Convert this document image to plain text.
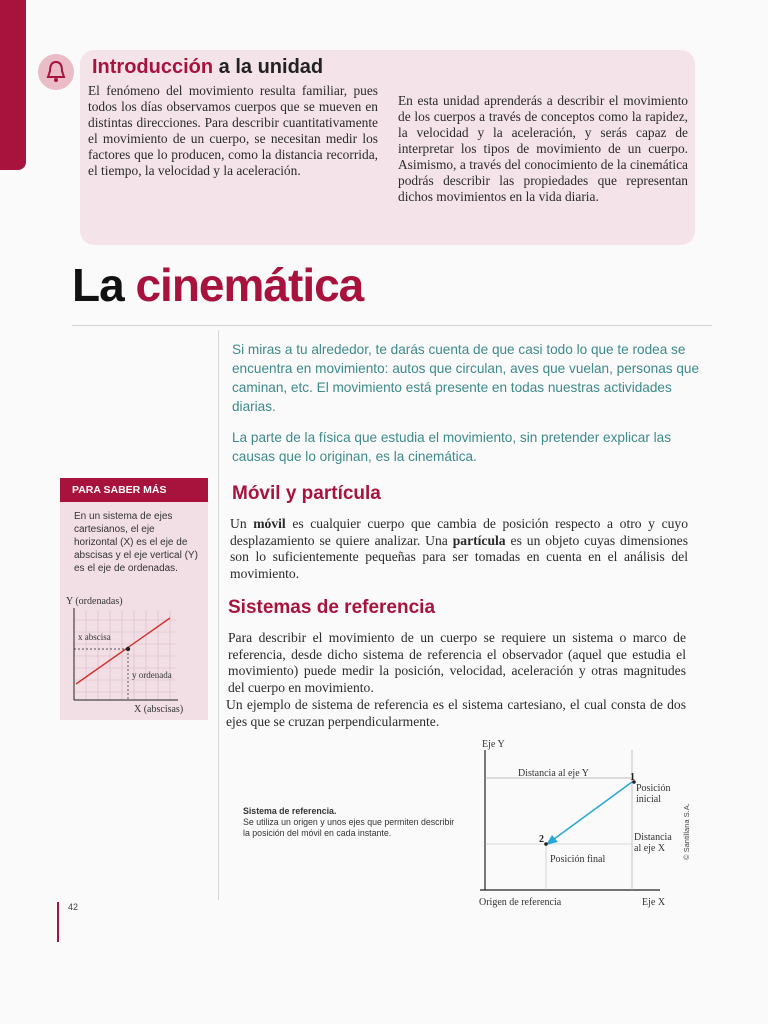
Introducción a la unidad
El fenómeno del movimiento resulta familiar, pues todos los días observamos cuerpos que se mueven en distintas direcciones. Para describir cuantitativamente el movimiento de un cuerpo, se necesitan medir los factores que lo producen, como la distancia recorrida, el tiempo, la velocidad y la aceleración.
En esta unidad aprenderás a describir el movimiento de los cuerpos a través de conceptos como la rapidez, la velocidad y la aceleración, y serás capaz de interpretar los tipos de movimiento de un cuerpo. Asimismo, a través del conocimiento de la cinemática podrás describir las propiedades que representan dichos movimientos en la vida diaria.
La cinemática
Si miras a tu alrededor, te darás cuenta de que casi todo lo que te rodea se encuentra en movimiento: autos que circulan, aves que vuelan, personas que caminan, etc. El movimiento está presente en todas nuestras actividades diarias.
La parte de la física que estudia el movimiento, sin pretender explicar las causas que lo originan, es la cinemática.
Móvil y partícula
Un móvil es cualquier cuerpo que cambia de posición respecto a otro y cuyo desplazamiento se quiere analizar. Una partícula es un objeto cuyas dimensiones son lo suficientemente pequeñas para ser tomadas en cuenta en el análisis del movimiento.
Sistemas de referencia
Para describir el movimiento de un cuerpo se requiere un sistema o marco de referencia, desde dicho sistema de referencia el observador (aquel que estudia el movimiento) puede medir la posición, velocidad, aceleración y otras magnitudes del cuerpo en movimiento.
Un ejemplo de sistema de referencia es el sistema cartesiano, el cual consta de dos ejes que se cruzan perpendicularmente.
PARA SABER MÁS
En un sistema de ejes cartesianos, el eje horizontal (X) es el eje de abscisas y el eje vertical (Y) es el eje de ordenadas.
Y (ordenadas)
x abscisa
y ordenada
X (abscisas)
Sistema de referencia.
Se utiliza un origen y unos ejes que permiten describir la posición del móvil en cada instante.
Eje Y
Distancia al eje Y	1
Posición
inicial
Distancia
al eje X
2
Posición final
Origen de referencia	Eje X
42
© Santillana S.A.
